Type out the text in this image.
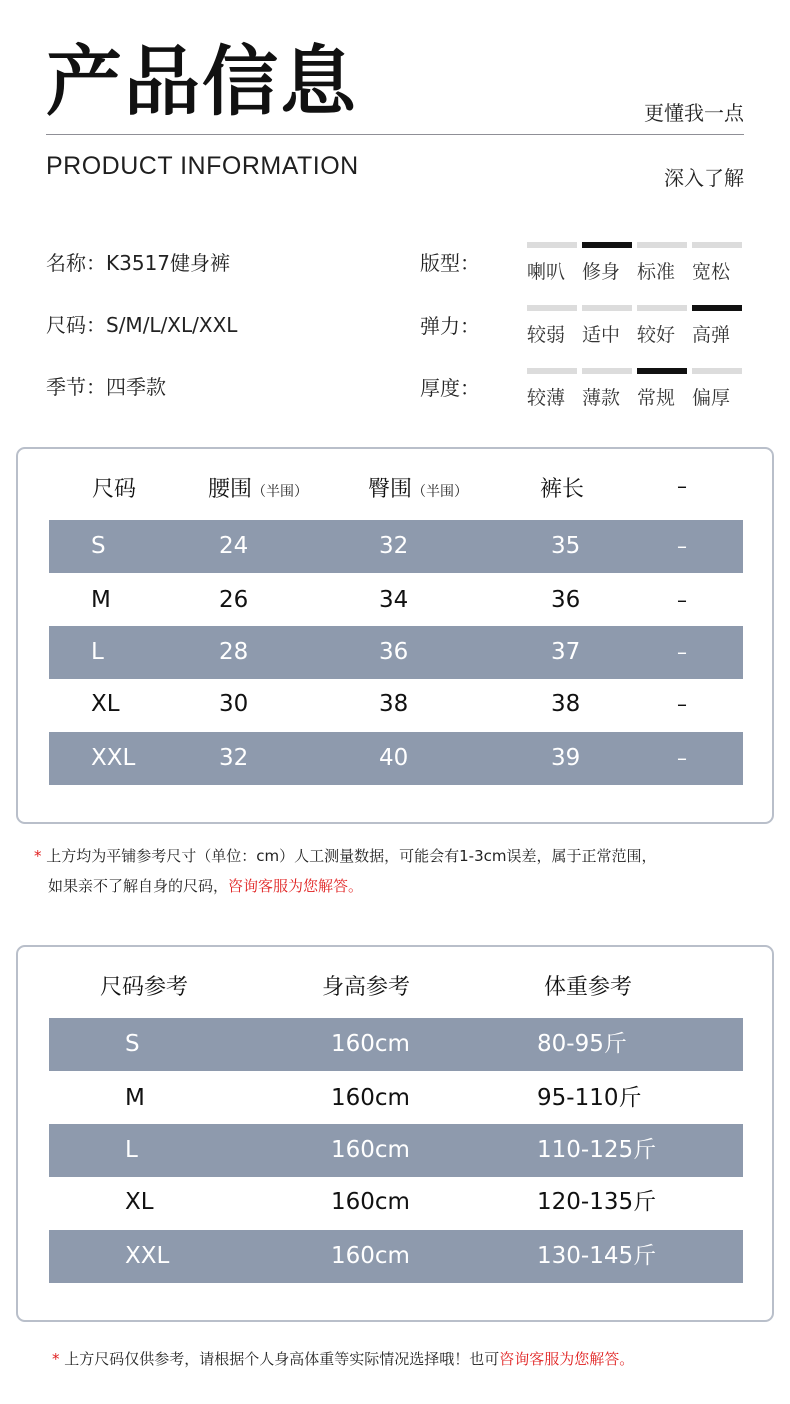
产品信息	更懂我一点
PRODUCT INFORMATION	深入了解
名称：K3517健身裤
尺码：S/M/L/XL/XXL
季节：四季款
版型：
弹力：
厚度：
喇叭 修身 标准 宽松
较弱 适中 较好 高弹
较薄 薄款 常规 偏厚
尺码	腰围（半围）	臀围（半围）	裤长	–
S	24	32	35	–
M	26	34	36	–
L	28	36	37	–
XL	30	38	38	–
XXL	32	40	39	–
* 上方均为平铺参考尺寸（单位：cm）人工测量数据，可能会有1-3cm误差，属于正常范围，
如果亲不了解自身的尺码，咨询客服为您解答。
尺码参考	身高参考	体重参考
S	160cm	80-95斤
M	160cm	95-110斤
L	160cm	110-125斤
XL	160cm	120-135斤
XXL	160cm	130-145斤
* 上方尺码仅供参考，请根据个人身高体重等实际情况选择哦！也可咨询客服为您解答。
